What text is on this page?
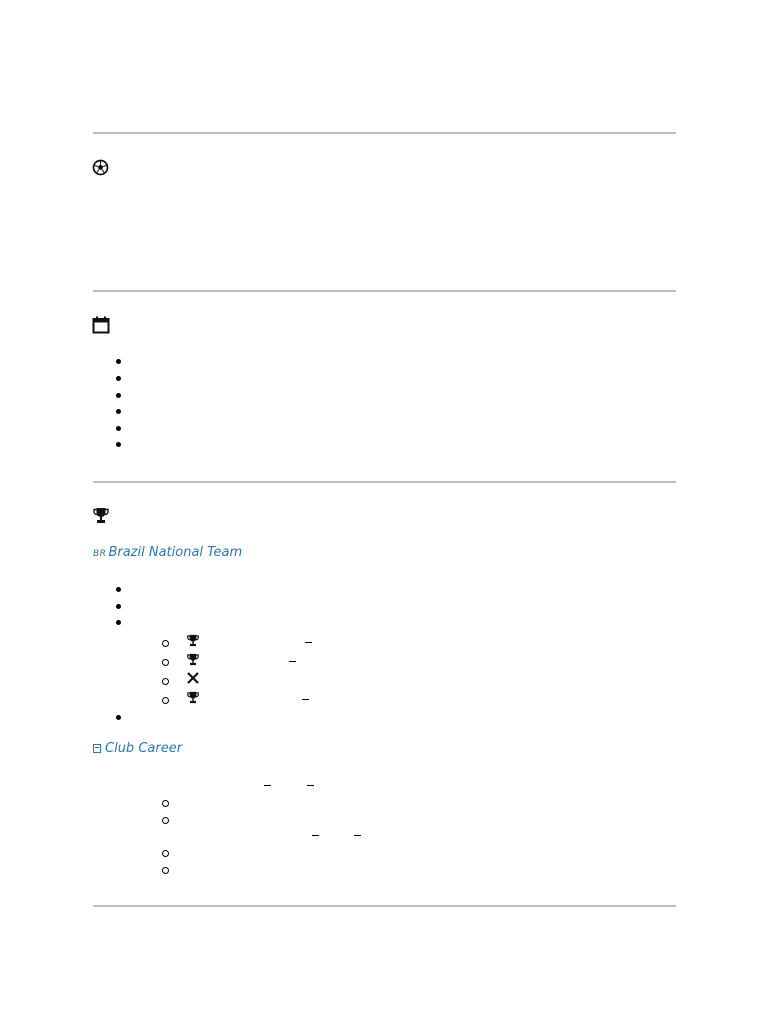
BR Brazil National Team
Club Career
